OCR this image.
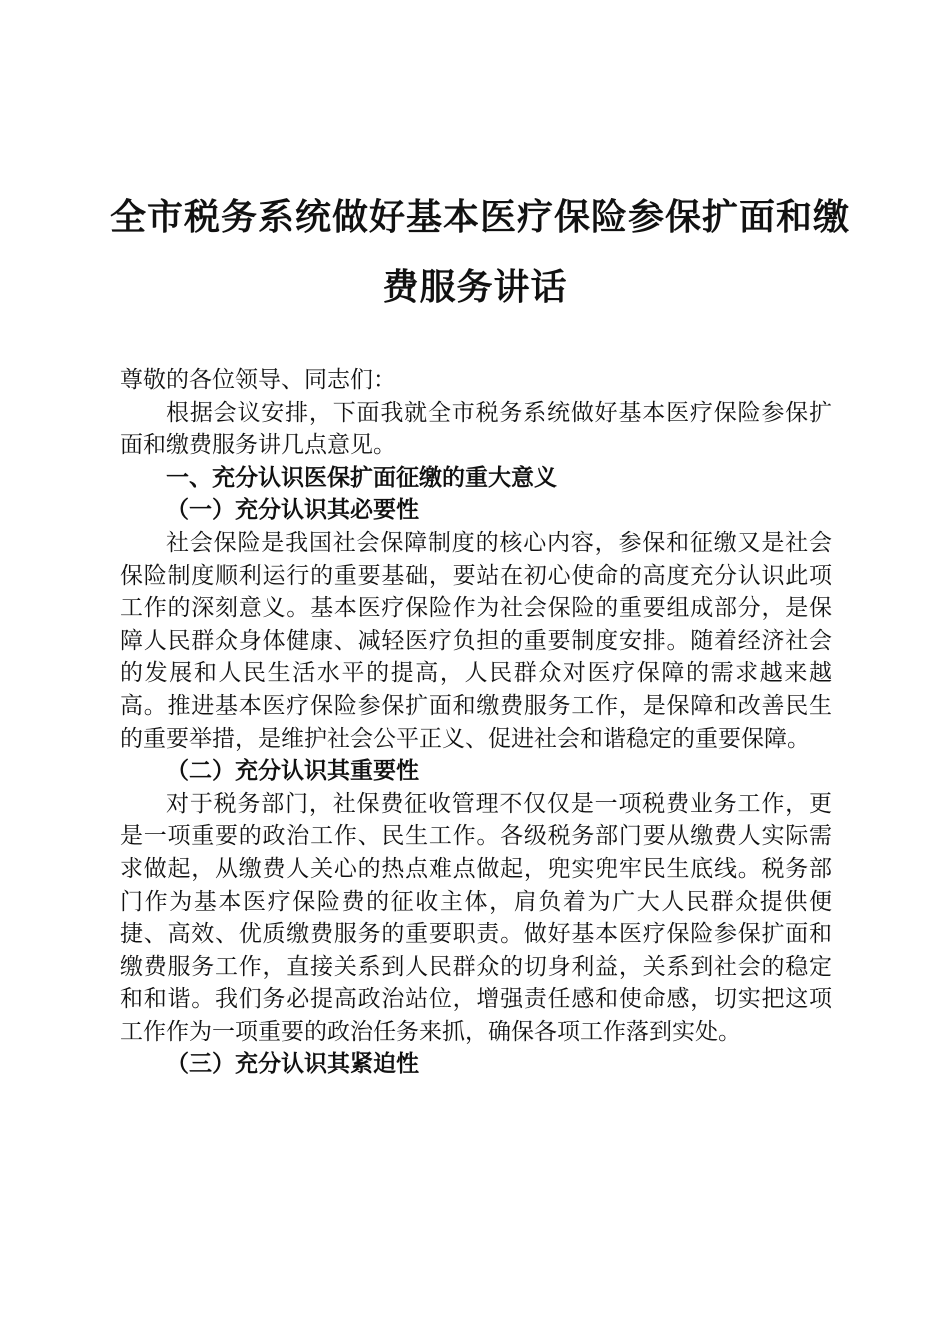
全市税务系统做好基本医疗保险参保扩面和缴
费服务讲话

尊敬的各位领导、同志们：

根据会议安排，下面我就全市税务系统做好基本医疗保险参保扩面和缴费服务讲几点意见。

一、充分认识医保扩面征缴的重大意义

（一）充分认识其必要性

社会保险是我国社会保障制度的核心内容，参保和征缴又是社会保险制度顺利运行的重要基础，要站在初心使命的高度充分认识此项工作的深刻意义。基本医疗保险作为社会保险的重要组成部分，是保障人民群众身体健康、减轻医疗负担的重要制度安排。随着经济社会的发展和人民生活水平的提高，人民群众对医疗保障的需求越来越高。推进基本医疗保险参保扩面和缴费服务工作，是保障和改善民生的重要举措，是维护社会公平正义、促进社会和谐稳定的重要保障。

（二）充分认识其重要性

对于税务部门，社保费征收管理不仅仅是一项税费业务工作，更是一项重要的政治工作、民生工作。各级税务部门要从缴费人实际需求做起，从缴费人关心的热点难点做起，兜实兜牢民生底线。税务部门作为基本医疗保险费的征收主体，肩负着为广大人民群众提供便捷、高效、优质缴费服务的重要职责。做好基本医疗保险参保扩面和缴费服务工作，直接关系到人民群众的切身利益，关系到社会的稳定和和谐。我们务必提高政治站位，增强责任感和使命感，切实把这项工作作为一项重要的政治任务来抓，确保各项工作落到实处。

（三）充分认识其紧迫性
